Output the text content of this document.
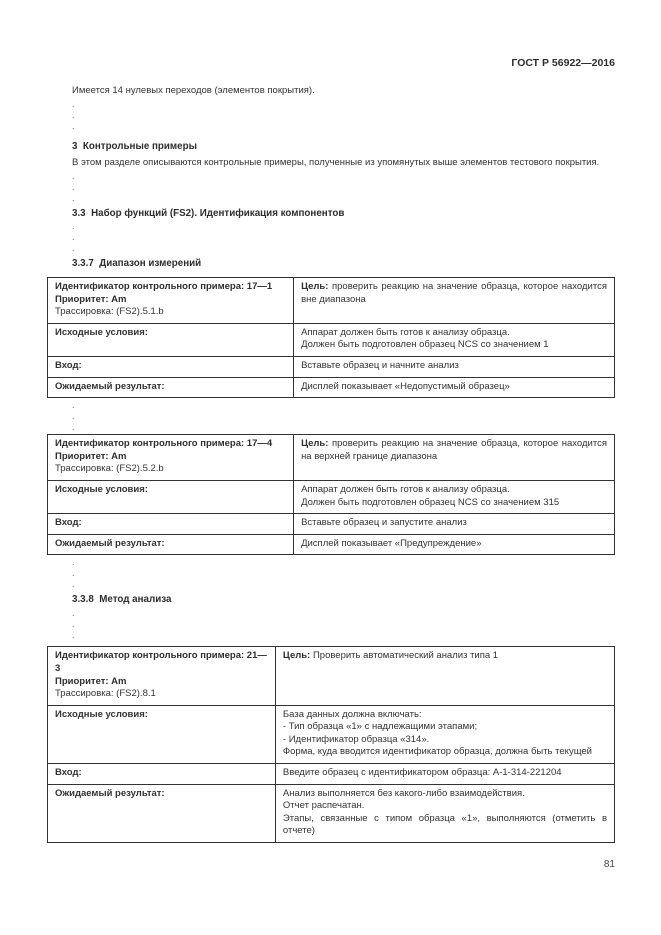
ГОСТ Р 56922—2016

Имеется 14 нулевых переходов (элементов покрытия).

.
.
.
3  Контрольные примеры

В этом разделе описываются контрольные примеры, полученные из упомянутых выше элементов тестового покрытия.

.
.
.
3.3  Набор функций (FS2). Идентификация компонентов
.
.
.
3.3.7  Диапазон измерений
Идентификатор контрольного примера: 17—1
Приоритет: Am
Трассировка: (FS2).5.1.b	Цель: проверить реакцию на значение образца, которое находится вне диапазона
Исходные условия:	Аппарат должен быть готов к анализу образца.
Должен быть подготовлен образец NCS со значением 1

Вход:	Вставьте образец и начните анализ
Ожидаемый результат:	Дисплей показывает «Недопустимый образец»
.
.
.
Идентификатор контрольного примера: 17—4
Приоритет: Am
Трассировка: (FS2).5.2.b	Цель: проверить реакцию на значение образца, которое находится на верхней границе диапазона
Исходные условия:	Аппарат должен быть готов к анализу образца.
Должен быть подготовлен образец NCS со значением 315

Вход:	Вставьте образец и запустите анализ
Ожидаемый результат:	Дисплей показывает «Предупреждение»
.
.
.
3.3.8  Метод анализа
.
.
.
Идентификатор контрольного примера: 21—3
Приоритет: Am
Трассировка: (FS2).8.1	Цель: Проверить автоматический анализ типа 1
Исходные условия:	База данных должна включать:
- Тип образца «1» с надлежащими этапами;
- Идентификатор образца «314».
Форма, куда вводится идентификатор образца, должна быть текущей

Вход:	Введите образец с идентификатором образца: А-1-314-221204
Ожидаемый результат:	Анализ выполняется без какого-либо взаимодействия.
Отчет распечатан.
Этапы, связанные с типом образца «1», выполняются (отметить в отчете)
81
